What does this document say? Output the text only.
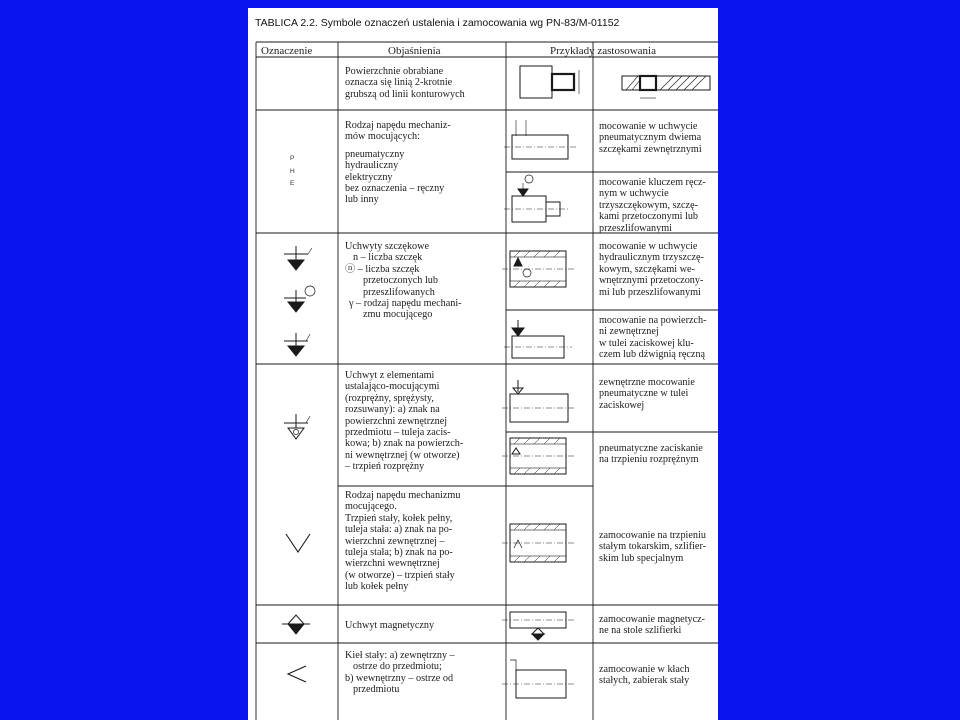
TABLICA 2.2. Symbole oznaczeń ustalenia i zamocowania wg PN-83/M-01152
Oznaczenie	Objaśnienia	Przykłady zastosowania
P
H
E
Powierzchnie obrabiane
oznacza się linią 2-krotnie
grubszą od linii konturowych
Rodzaj napędu mechaniz-
mów mocujących:
pneumatyczny
hydrauliczny
elektryczny
bez oznaczenia – ręczny
lub inny
Uchwyty szczękowe
n – liczba szczęk
ⓝ – liczba szczęk
przetoczonych lub
przeszlifowanych
γ – rodzaj napędu mechani-
zmu mocującego
Uchwyt z elementami
ustalająco-mocującymi
(rozprężny, sprężysty,
rozsuwany): a) znak na
powierzchni zewnętrznej
przedmiotu – tuleja zacis-
kowa; b) znak na powierzch-
ni wewnętrznej (w otworze)
– trzpień rozprężny
Rodzaj napędu mechanizmu
mocującego.
Trzpień stały, kołek pełny,
tuleja stała: a) znak na po-
wierzchni zewnętrznej –
tuleja stała; b) znak na po-
wierzchni wewnętrznej
(w otworze) – trzpień stały
lub kołek pełny
Uchwyt magnetyczny
Kieł stały: a) zewnętrzny –
ostrze do przedmiotu;
b) wewnętrzny – ostrze od
przedmiotu
mocowanie w uchwycie
pneumatycznym dwiema
szczękami zewnętrznymi
mocowanie kluczem ręcz-
nym w uchwycie
trzyszczękowym, szczę-
kami przetoczonymi lub
przeszlifowanymi
mocowanie w uchwycie
hydraulicznym trzyszczę-
kowym, szczękami we-
wnętrznymi przetoczony-
mi lub przeszlifowanymi
mocowanie na powierzch-
ni zewnętrznej
w tulei zaciskowej klu-
czem lub dźwignią ręczną
zewnętrzne mocowanie
pneumatyczne w tulei
zaciskowej
pneumatyczne zaciskanie
na trzpieniu rozprężnym
zamocowanie na trzpieniu
stałym tokarskim, szlifier-
skim lub specjalnym
zamocowanie magnetycz-
ne na stole szlifierki
zamocowanie w kłach
stałych, zabierak stały
